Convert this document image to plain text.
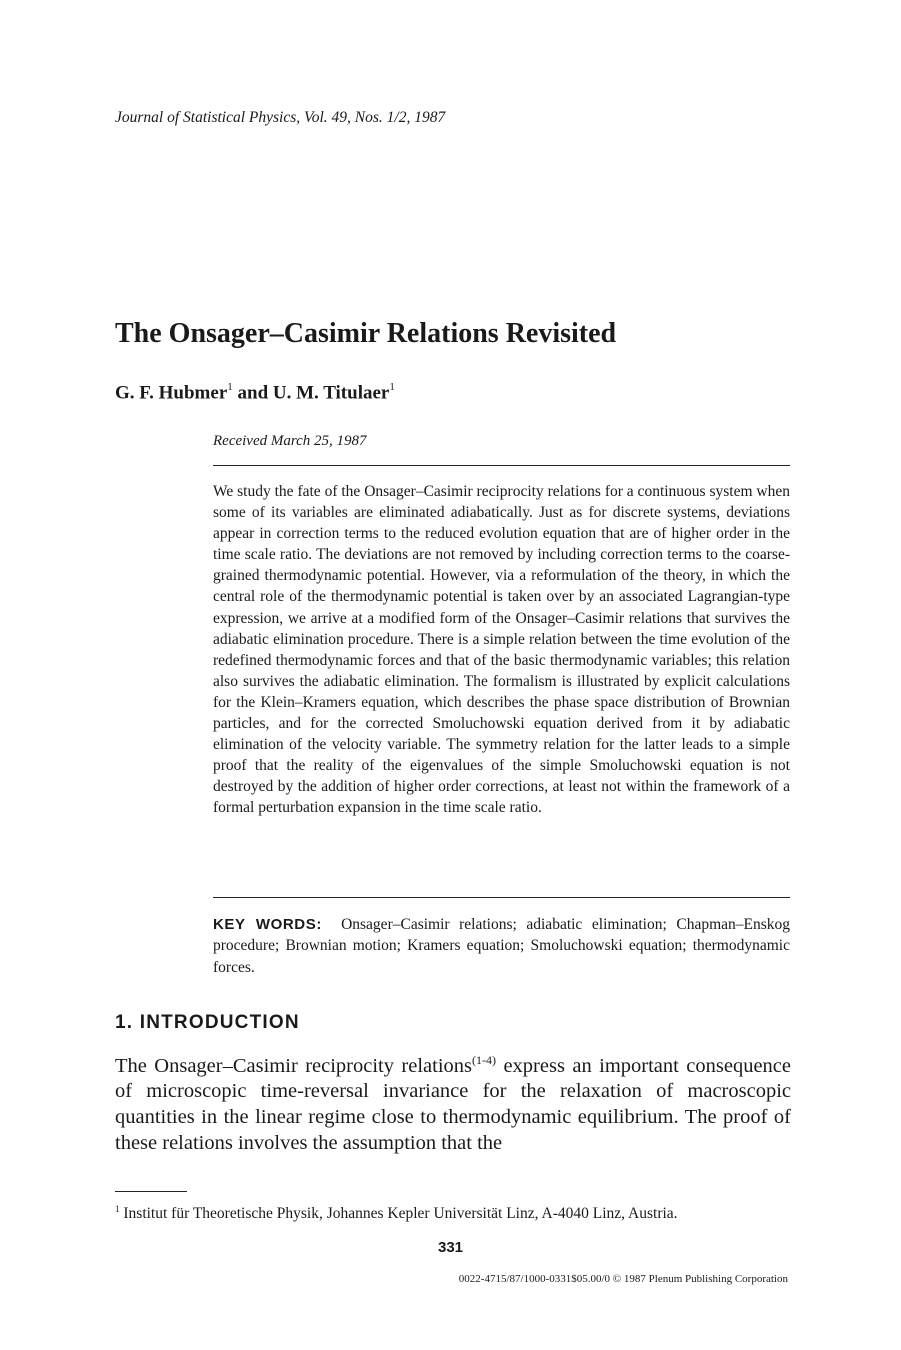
Journal of Statistical Physics, Vol. 49, Nos. 1/2, 1987
The Onsager–Casimir Relations Revisited
G. F. Hubmer$^1$ and U. M. Titulaer$^1$
Received March 25, 1987

We study the fate of the Onsager–Casimir reciprocity relations for a continuous system when some of its variables are eliminated adiabatically. Just as for discrete systems, deviations appear in correction terms to the reduced evolution equation that are of higher order in the time scale ratio. The deviations are not removed by including correction terms to the coarse-grained thermodynamic potential. However, via a reformulation of the theory, in which the central role of the thermodynamic potential is taken over by an associated Lagrangian-type expression, we arrive at a modified form of the Onsager–Casimir relations that survives the adiabatic elimination procedure. There is a simple relation between the time evolution of the redefined thermodynamic forces and that of the basic thermodynamic variables; this relation also survives the adiabatic elimination. The formalism is illustrated by explicit calculations for the Klein–Kramers equation, which describes the phase space distribution of Brownian particles, and for the corrected Smoluchowski equation derived from it by adiabatic elimination of the velocity variable. The symmetry relation for the latter leads to a simple proof that the reality of the eigenvalues of the simple Smoluchowski equation is not destroyed by the addition of higher order corrections, at least not within the framework of a formal perturbation expansion in the time scale ratio.

KEY WORDS: Onsager–Casimir relations; adiabatic elimination; Chapman–Enskog procedure; Brownian motion; Kramers equation; Smoluchowski equation; thermodynamic forces.

1. INTRODUCTION

The Onsager–Casimir reciprocity relations$^{(1-4)}$ express an important consequence of microscopic time-reversal invariance for the relaxation of macroscopic quantities in the linear regime close to thermodynamic equilibrium. The proof of these relations involves the assumption that the

$^1$ Institut für Theoretische Physik, Johannes Kepler Universität Linz, A-4040 Linz, Austria.
331
0022-4715/87/1000-0331$05.00/0 © 1987 Plenum Publishing Corporation
